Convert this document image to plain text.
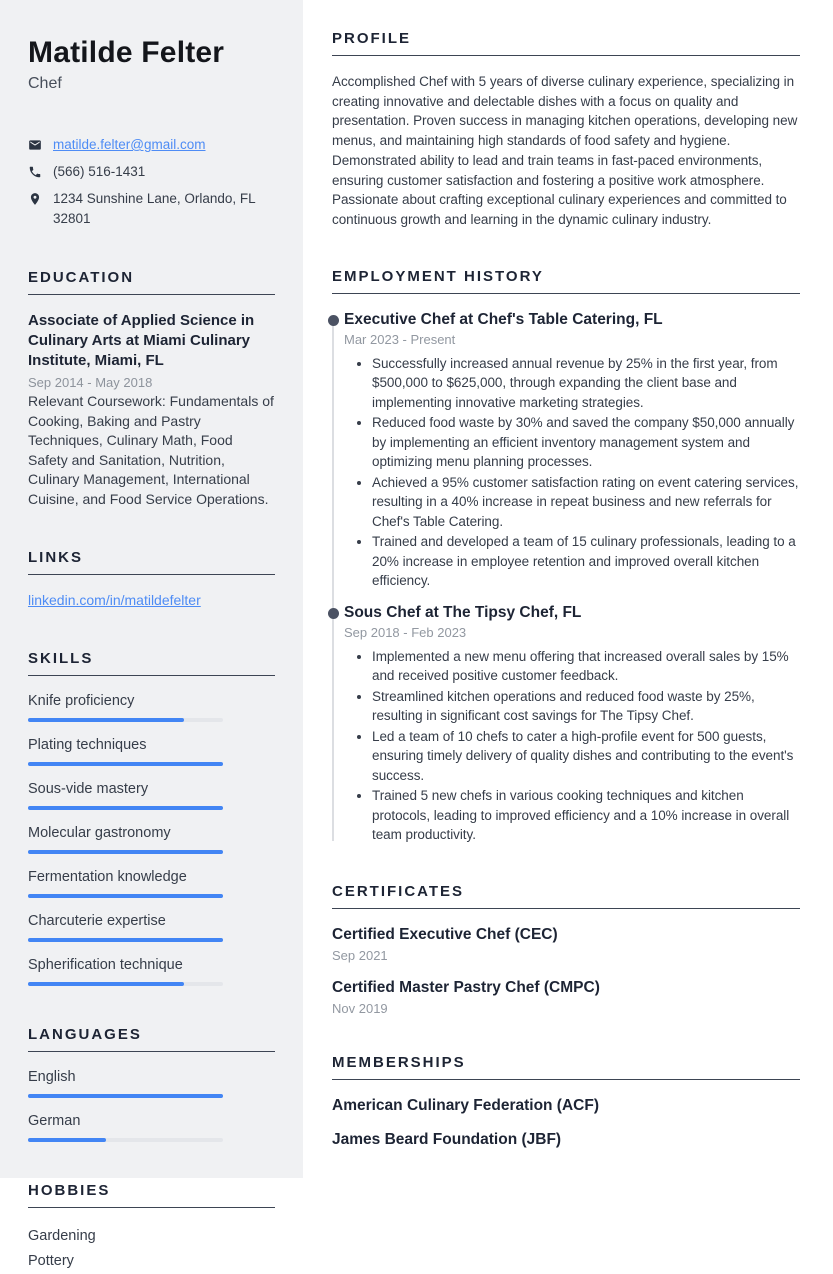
Matilde Felter
Chef
matilde.felter@gmail.com
(566) 516-1431
1234 Sunshine Lane, Orlando, FL 32801
EDUCATION

Associate of Applied Science in Culinary Arts at Miami Culinary Institute, Miami, FL

Sep 2014 - May 2018

Relevant Coursework: Fundamentals of Cooking, Baking and Pastry Techniques, Culinary Math, Food Safety and Sanitation, Nutrition, Culinary Management, International Cuisine, and Food Service Operations.

LINKS
linkedin.com/in/matildefelter
SKILLS
Knife proficiency
Plating techniques
Sous-vide mastery
Molecular gastronomy
Fermentation knowledge
Charcuterie expertise
Spherification technique
LANGUAGES
English
German
HOBBIES
Gardening
Pottery
PROFILE

Accomplished Chef with 5 years of diverse culinary experience, specializing in creating innovative and delectable dishes with a focus on quality and presentation. Proven success in managing kitchen operations, developing new menus, and maintaining high standards of food safety and hygiene. Demonstrated ability to lead and train teams in fast-paced environments, ensuring customer satisfaction and fostering a positive work atmosphere. Passionate about crafting exceptional culinary experiences and committed to continuous growth and learning in the dynamic culinary industry.

EMPLOYMENT HISTORY
Executive Chef at Chef's Table Catering, FL
Mar 2023 - Present
Successfully increased annual revenue by 25% in the first year, from $500,000 to $625,000, through expanding the client base and implementing innovative marketing strategies.
Reduced food waste by 30% and saved the company $50,000 annually by implementing an efficient inventory management system and optimizing menu planning processes.
Achieved a 95% customer satisfaction rating on event catering services, resulting in a 40% increase in repeat business and new referrals for Chef's Table Catering.
Trained and developed a team of 15 culinary professionals, leading to a 20% increase in employee retention and improved overall kitchen efficiency.
Sous Chef at The Tipsy Chef, FL
Sep 2018 - Feb 2023
Implemented a new menu offering that increased overall sales by 15% and received positive customer feedback.
Streamlined kitchen operations and reduced food waste by 25%, resulting in significant cost savings for The Tipsy Chef.
Led a team of 10 chefs to cater a high-profile event for 500 guests, ensuring timely delivery of quality dishes and contributing to the event's success.
Trained 5 new chefs in various cooking techniques and kitchen protocols, leading to improved efficiency and a 10% increase in overall team productivity.
CERTIFICATES
Certified Executive Chef (CEC)
Sep 2021
Certified Master Pastry Chef (CMPC)
Nov 2019
MEMBERSHIPS
American Culinary Federation (ACF)
James Beard Foundation (JBF)
